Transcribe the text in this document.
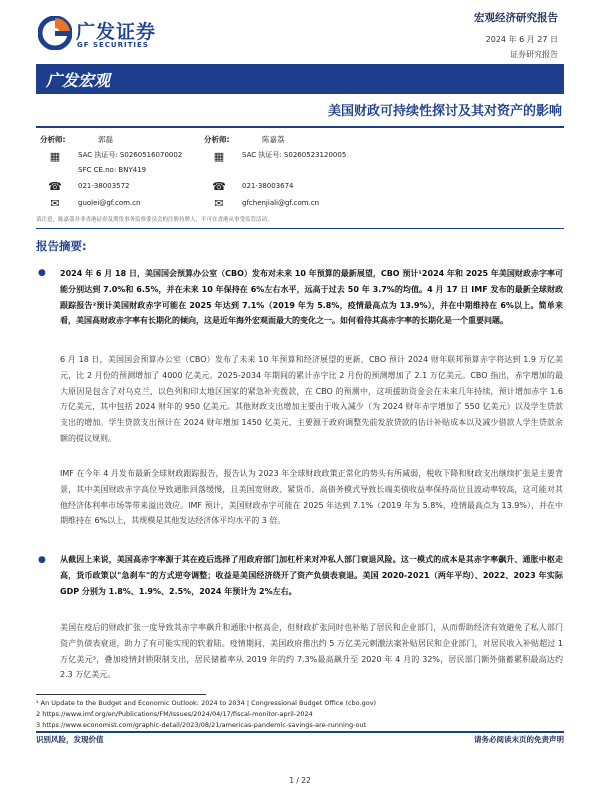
广发证券
GF SECURITIES
宏观经济研究报告
2024 年 6 月 27 日
证券研究报告
广发宏观
美国财政可持续性探讨及其对资产的影响
分析师:	郭磊
▦	SAC 执证号: S0260516070002
SFC CE.no: BNY419
☎	021-38003572
✉	guolei@gf.com.cn
分析师:	陈嘉荔
▦	SAC 执证号: S0260523120005
☎	021-38003674
✉	gfchenjiali@gf.com.cn
请注意，陈嘉荔并非香港证券及期货事务监察委员会的注册持牌人，不可在香港从事受监管活动。
报告摘要:
● 2024 年 6 月 18 日，美国国会预算办公室（CBO）发布对未来 10 年预算的最新展望，CBO 预计¹2024 年和 2025 年美国财政赤字率可能分别达到 7.0%和 6.5%，并在未来 10 年保持在 6%左右水平，远高于过去 50 年 3.7%的均值。4 月 17 日 IMF 发布的最新全球财政跟踪报告²预计美国财政赤字可能在 2025 年达到 7.1%（2019 年为 5.8%，疫情最高点为 13.9%），并在中期维持在 6%以上。简单来看，美国高财政赤字率有长期化的倾向，这是近年海外宏观面最大的变化之一。如何看待其高赤字率的长期化是一个重要问题。
6 月 18 日，美国国会预算办公室（CBO）发布了未来 10 年预算和经济展望的更新，CBO 预计 2024 财年联邦预算赤字将达到 1.9 万亿美元，比 2 月份的预测增加了 4000 亿美元。2025-2034 年期间的累计赤字比 2 月份的预测增加了 2.1 万亿美元。CBO 指出，赤字增加的最大原因是包含了对乌克兰、以色列和印太地区国家的紧急补充拨款，在 CBO 的预测中，这项援助资金会在未来几年持续，预计增加赤字 1.6 万亿美元，其中包括 2024 财年的 950 亿美元。其他财政支出增加主要由于收入减少（为 2024 财年赤字增加了 550 亿美元）以及学生贷款支出的增加。学生贷款支出预计在 2024 财年增加 1450 亿美元，主要源于政府调整先前发放贷款的估计补贴成本以及减少借款人学生贷款余额的提议规则。
IMF 在今年 4 月发布最新全球财政跟踪报告，报告认为 2023 年全球财政政策正常化的势头有所减弱，税收下降和财政支出继续扩张是主要背景，其中美国财政赤字高位导致通胀回落缓慢，且美国宽财政、紧货币、高债务模式导致长端美债收益率保持高位且波动率较高，这可能对其他经济体利率市场等带来溢出效应。IMF 预计，美国财政赤字可能在 2025 年达到 7.1%（2019 年为 5.8%，疫情最高点为 13.9%），并在中期维持在 6%以上，其规模是其他发达经济体平均水平的 3 倍。
● 从截因上来说，美国高赤字率源于其在疫后选择了用政府部门加杠杆来对冲私人部门衰退风险。这一模式的成本是其赤字率飙升、通胀中枢走高，货币政策以"急刹车"的方式逆夸调整；收益是美国经济绕开了资产负债表衰退。美国 2020-2021（两年平均）、2022、2023 年实际 GDP 分别为 1.8%、1.9%、2.5%，2024 年预计为 2%左右。
美国在疫后的财政扩张一度导致其赤字率飙升和通胀中枢高企，但财政扩张同时也补贴了居民和企业部门，从而帮助经济有效避免了私人部门资产负债表衰退，助力了有可能实现的软着陆。疫情期间，美国政府推出约 5 万亿美元刺激法案补贴居民和企业部门，对居民收入补贴超过 1 万亿美元³，叠加疫情封锁限制支出，居民储蓄率从 2019 年的约 7.3%最高飙升至 2020 年 4 月的 32%，居民部门额外储蓄累积最高达约 2.3 万亿美元。
¹ An Update to the Budget and Economic Outlook: 2024 to 2034 | Congressional Budget Office (cbo.gov)
2 https://www.imf.org/en/Publications/FM/Issues/2024/04/17/fiscal-monitor-april-2024
3 https://www.economist.com/graphic-detail/2023/08/21/americas-pandemic-savings-are-running-out
识别风险，发现价值	请务必阅读末页的免责声明
1 / 22
